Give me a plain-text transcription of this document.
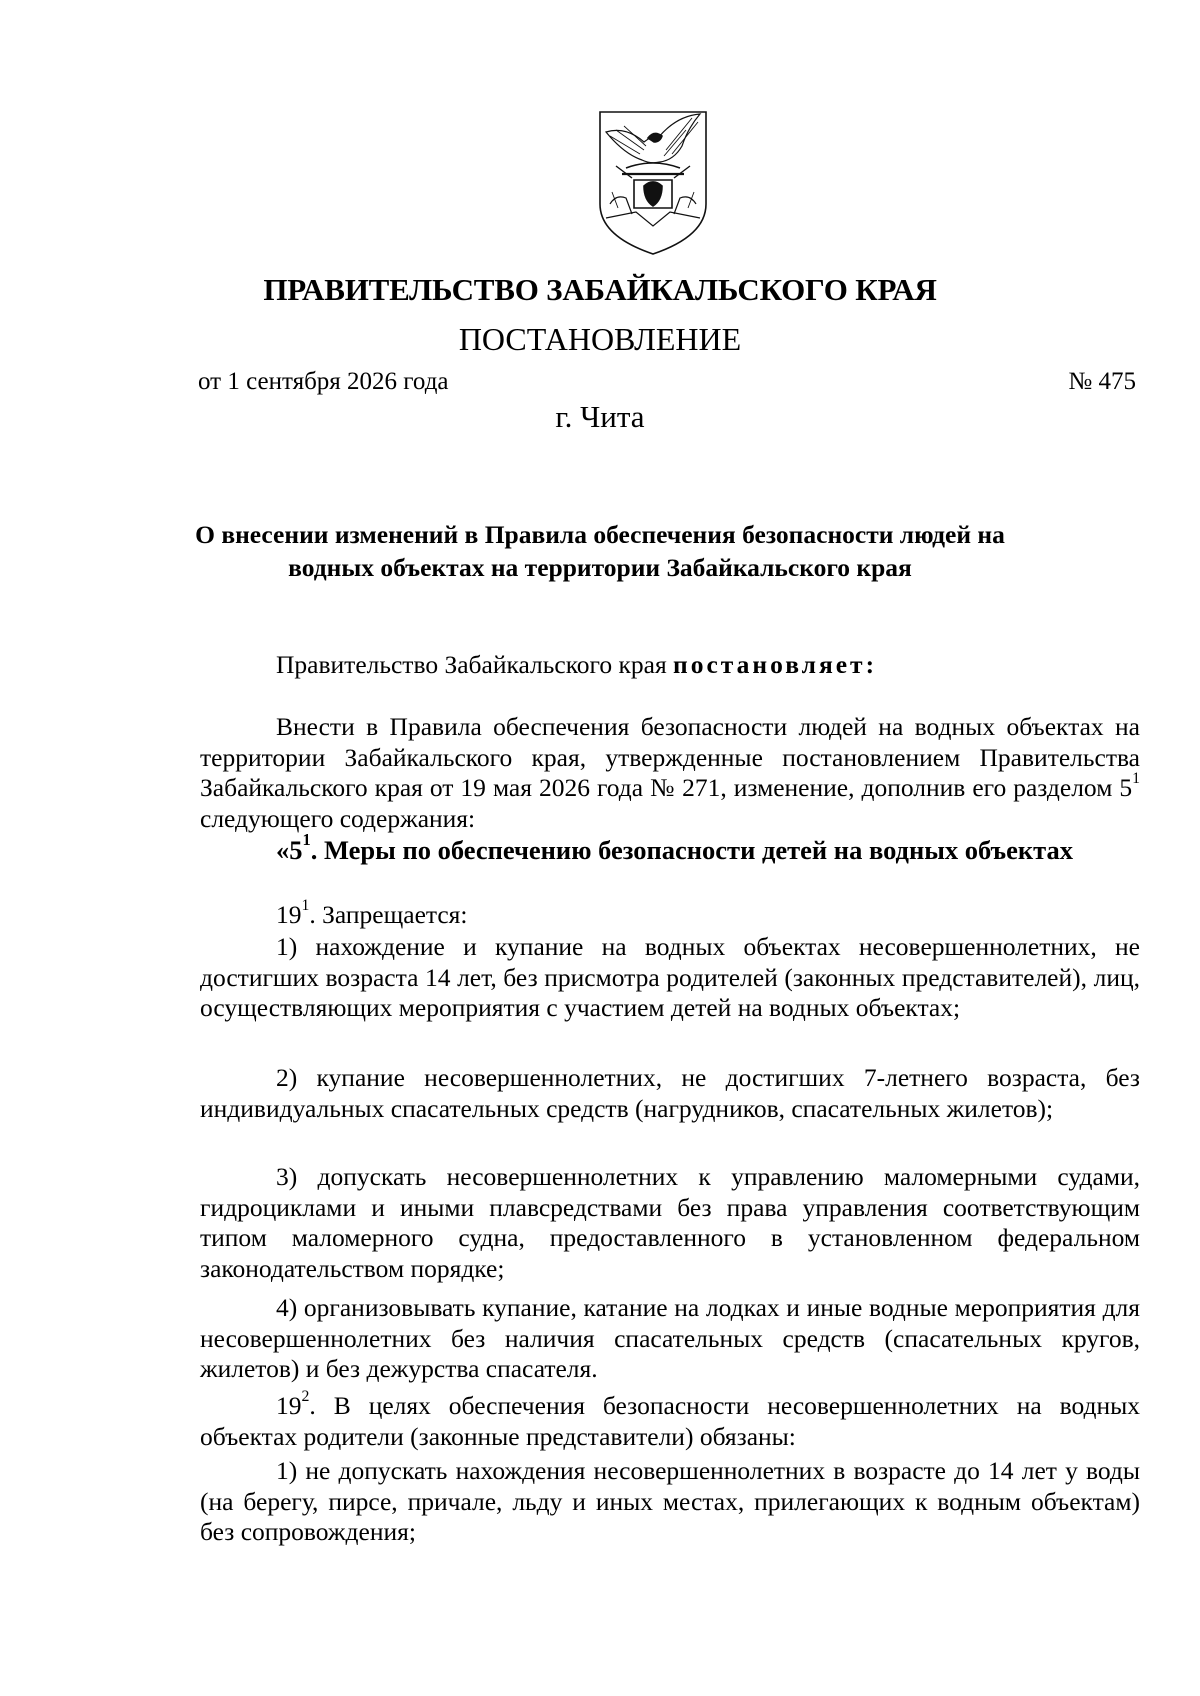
ПРАВИТЕЛЬСТВО ЗАБАЙКАЛЬСКОГО КРАЯ
ПОСТАНОВЛЕНИЕ
от 1 сентября 2026 года	№ 475
г. Чита
О внесении изменений в Правила обеспечения безопасности людей на
водных объектах на территории Забайкальского края
Правительство Забайкальского края постановляет:
Внести в Правила обеспечения безопасности людей на водных объектах на территории Забайкальского края, утвержденные постановлением Правительства Забайкальского края от 19 мая 2026 года № 271, изменение, дополнив его разделом $5^1$ следующего содержания:
«$5^1$. Меры по обеспечению безопасности детей на водных объектах
$19^1$. Запрещается:
1) нахождение и купание на водных объектах несовершеннолетних, не достигших возраста 14 лет, без присмотра родителей (законных представителей), лиц, осуществляющих мероприятия с участием детей на водных объектах;
2) купание несовершеннолетних, не достигших 7-летнего возраста, без индивидуальных спасательных средств (нагрудников, спасательных жилетов);
3) допускать несовершеннолетних к управлению маломерными судами, гидроциклами и иными плавсредствами без права управления соответствующим типом маломерного судна, предоставленного в установленном федеральном законодательством порядке;
4) организовывать купание, катание на лодках и иные водные мероприятия для несовершеннолетних без наличия спасательных средств (спасательных кругов, жилетов) и без дежурства спасателя.
$19^2$. В целях обеспечения безопасности несовершеннолетних на водных объектах родители (законные представители) обязаны:
1) не допускать нахождения несовершеннолетних в возрасте до 14 лет у воды (на берегу, пирсе, причале, льду и иных местах, прилегающих к водным объектам) без сопровождения;
